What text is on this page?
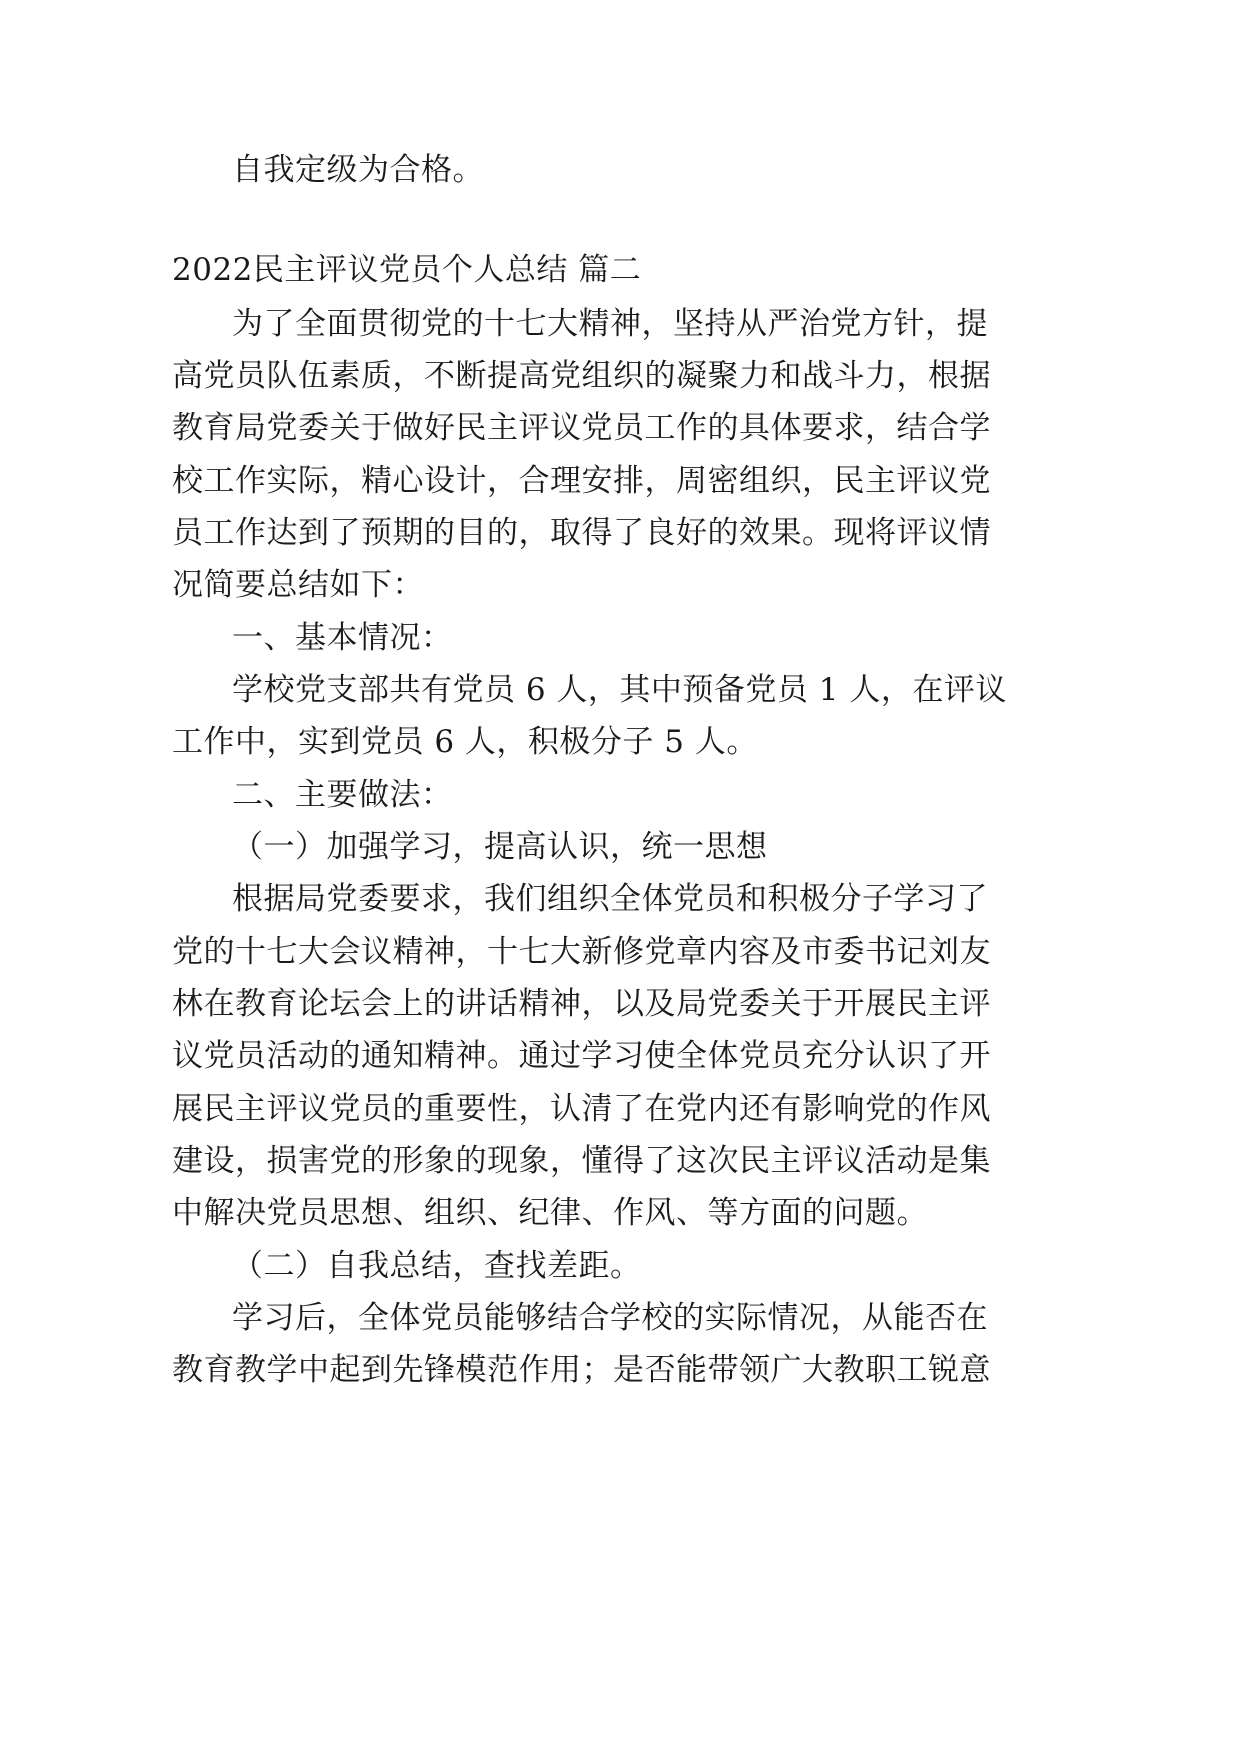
自我定级为合格。
2022民主评议党员个人总结 篇二
为了全面贯彻党的十七大精神，坚持从严治党方针，提
高党员队伍素质，不断提高党组织的凝聚力和战斗力，根据
教育局党委关于做好民主评议党员工作的具体要求，结合学
校工作实际，精心设计，合理安排，周密组织，民主评议党
员工作达到了预期的目的，取得了良好的效果。现将评议情
况简要总结如下：
一、基本情况：
学校党支部共有党员 6 人，其中预备党员 1 人，在评议
工作中，实到党员 6 人，积极分子 5 人。
二、主要做法：
（一）加强学习，提高认识，统一思想
根据局党委要求，我们组织全体党员和积极分子学习了
党的十七大会议精神，十七大新修党章内容及市委书记刘友
林在教育论坛会上的讲话精神，以及局党委关于开展民主评
议党员活动的通知精神。通过学习使全体党员充分认识了开
展民主评议党员的重要性，认清了在党内还有影响党的作风
建设，损害党的形象的现象，懂得了这次民主评议活动是集
中解决党员思想、组织、纪律、作风、等方面的问题。
（二）自我总结，查找差距。
学习后，全体党员能够结合学校的实际情况，从能否在
教育教学中起到先锋模范作用；是否能带领广大教职工锐意
